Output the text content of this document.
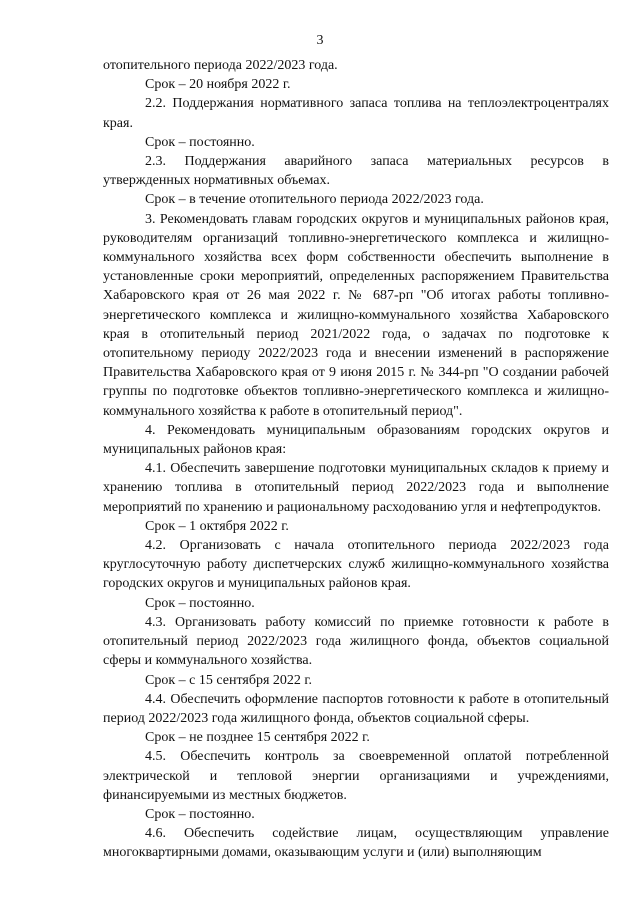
3

отопительного периода 2022/2023 года.

Срок – 20 ноября 2022 г.

2.2. Поддержания нормативного запаса топлива на теплоэлектроцентралях края.

Срок – постоянно.

2.3. Поддержания аварийного запаса материальных ресурсов в утвержденных нормативных объемах.

Срок – в течение отопительного периода 2022/2023 года.

3. Рекомендовать главам городских округов и муниципальных районов края, руководителям организаций топливно-энергетического комплекса и жилищно-коммунального хозяйства всех форм собственности обеспечить выполнение в установленные сроки мероприятий, определенных распоряжением Правительства Хабаровского края от 26 мая 2022 г. № 687-рп "Об итогах работы топливно-энергетического комплекса и жилищно-коммунального хозяйства Хабаровского края в отопительный период 2021/2022 года, о задачах по подготовке к отопительному периоду 2022/2023 года и внесении изменений в распоряжение Правительства Хабаровского края от 9 июня 2015 г. № 344-рп "О создании рабочей группы по подготовке объектов топливно-энергетического комплекса и жилищно-коммунального хозяйства к работе в отопительный период".

4. Рекомендовать муниципальным образованиям городских округов и муниципальных районов края:

4.1. Обеспечить завершение подготовки муниципальных складов к приему и хранению топлива в отопительный период 2022/2023 года и выполнение мероприятий по хранению и рациональному расходованию угля и нефтепродуктов.

Срок – 1 октября 2022 г.

4.2. Организовать с начала отопительного периода 2022/2023 года круглосуточную работу диспетчерских служб жилищно-коммунального хозяйства городских округов и муниципальных районов края.

Срок – постоянно.

4.3. Организовать работу комиссий по приемке готовности к работе в отопительный период 2022/2023 года жилищного фонда, объектов социальной сферы и коммунального хозяйства.

Срок – с 15 сентября 2022 г.

4.4. Обеспечить оформление паспортов готовности к работе в отопительный период 2022/2023 года жилищного фонда, объектов социальной сферы.

Срок – не позднее 15 сентября 2022 г.

4.5. Обеспечить контроль за своевременной оплатой потребленной электрической и тепловой энергии организациями и учреждениями, финансируемыми из местных бюджетов.

Срок – постоянно.

4.6. Обеспечить содействие лицам, осуществляющим управление многоквартирными домами, оказывающим услуги и (или) выполняющим
